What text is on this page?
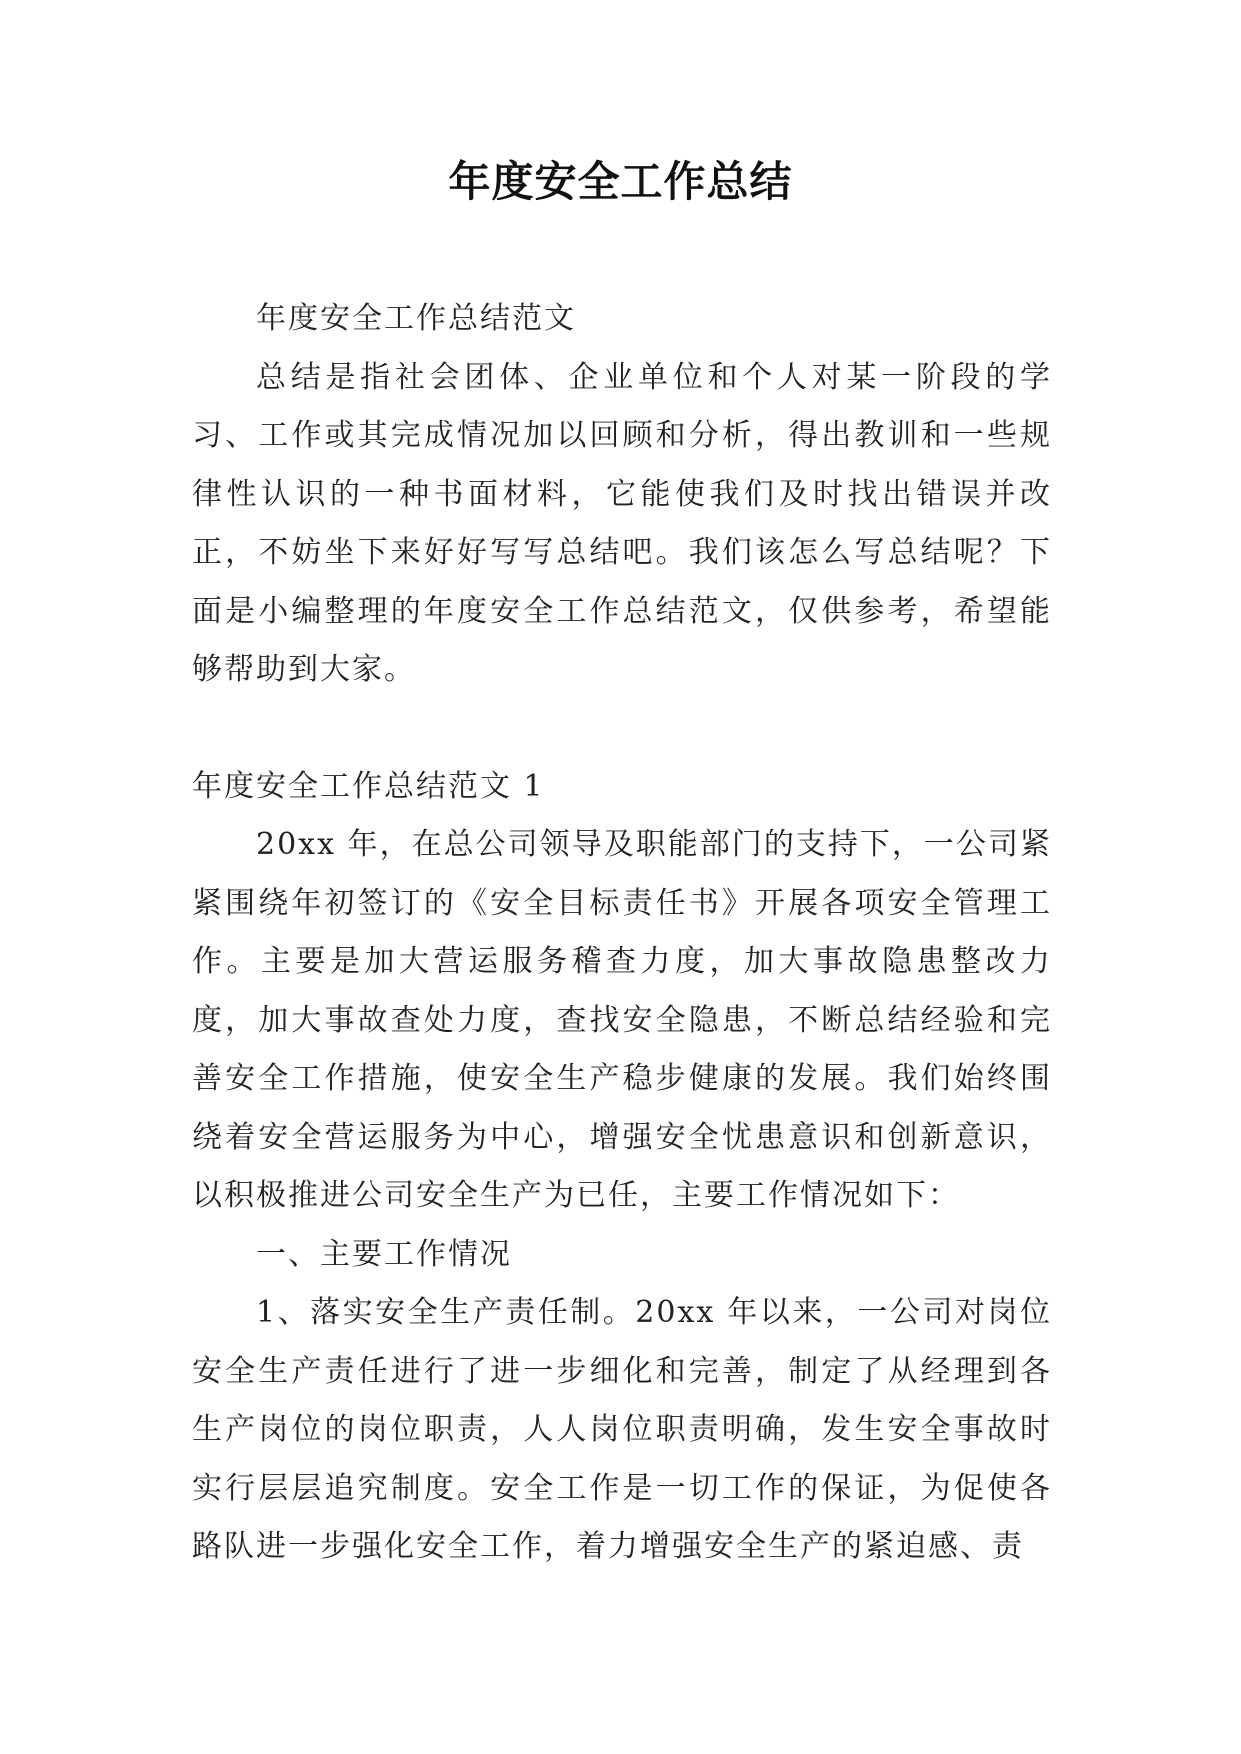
年度安全工作总结

年度安全工作总结范文

总结是指社会团体、企业单位和个人对某一阶段的学习、工作或其完成情况加以回顾和分析，得出教训和一些规律性认识的一种书面材料，它能使我们及时找出错误并改正，不妨坐下来好好写写总结吧。我们该怎么写总结呢？下面是小编整理的年度安全工作总结范文，仅供参考，希望能够帮助到大家。

年度安全工作总结范文 1

20xx 年，在总公司领导及职能部门的支持下，一公司紧紧围绕年初签订的《安全目标责任书》开展各项安全管理工作。主要是加大营运服务稽查力度，加大事故隐患整改力度，加大事故查处力度，查找安全隐患，不断总结经验和完善安全工作措施，使安全生产稳步健康的发展。我们始终围绕着安全营运服务为中心，增强安全忧患意识和创新意识，以积极推进公司安全生产为已任，主要工作情况如下：

一、主要工作情况

1、落实安全生产责任制。20xx 年以来，一公司对岗位安全生产责任进行了进一步细化和完善，制定了从经理到各生产岗位的岗位职责，人人岗位职责明确，发生安全事故时实行层层追究制度。安全工作是一切工作的保证，为促使各路队进一步强化安全工作，着力增强安全生产的紧迫感、责
